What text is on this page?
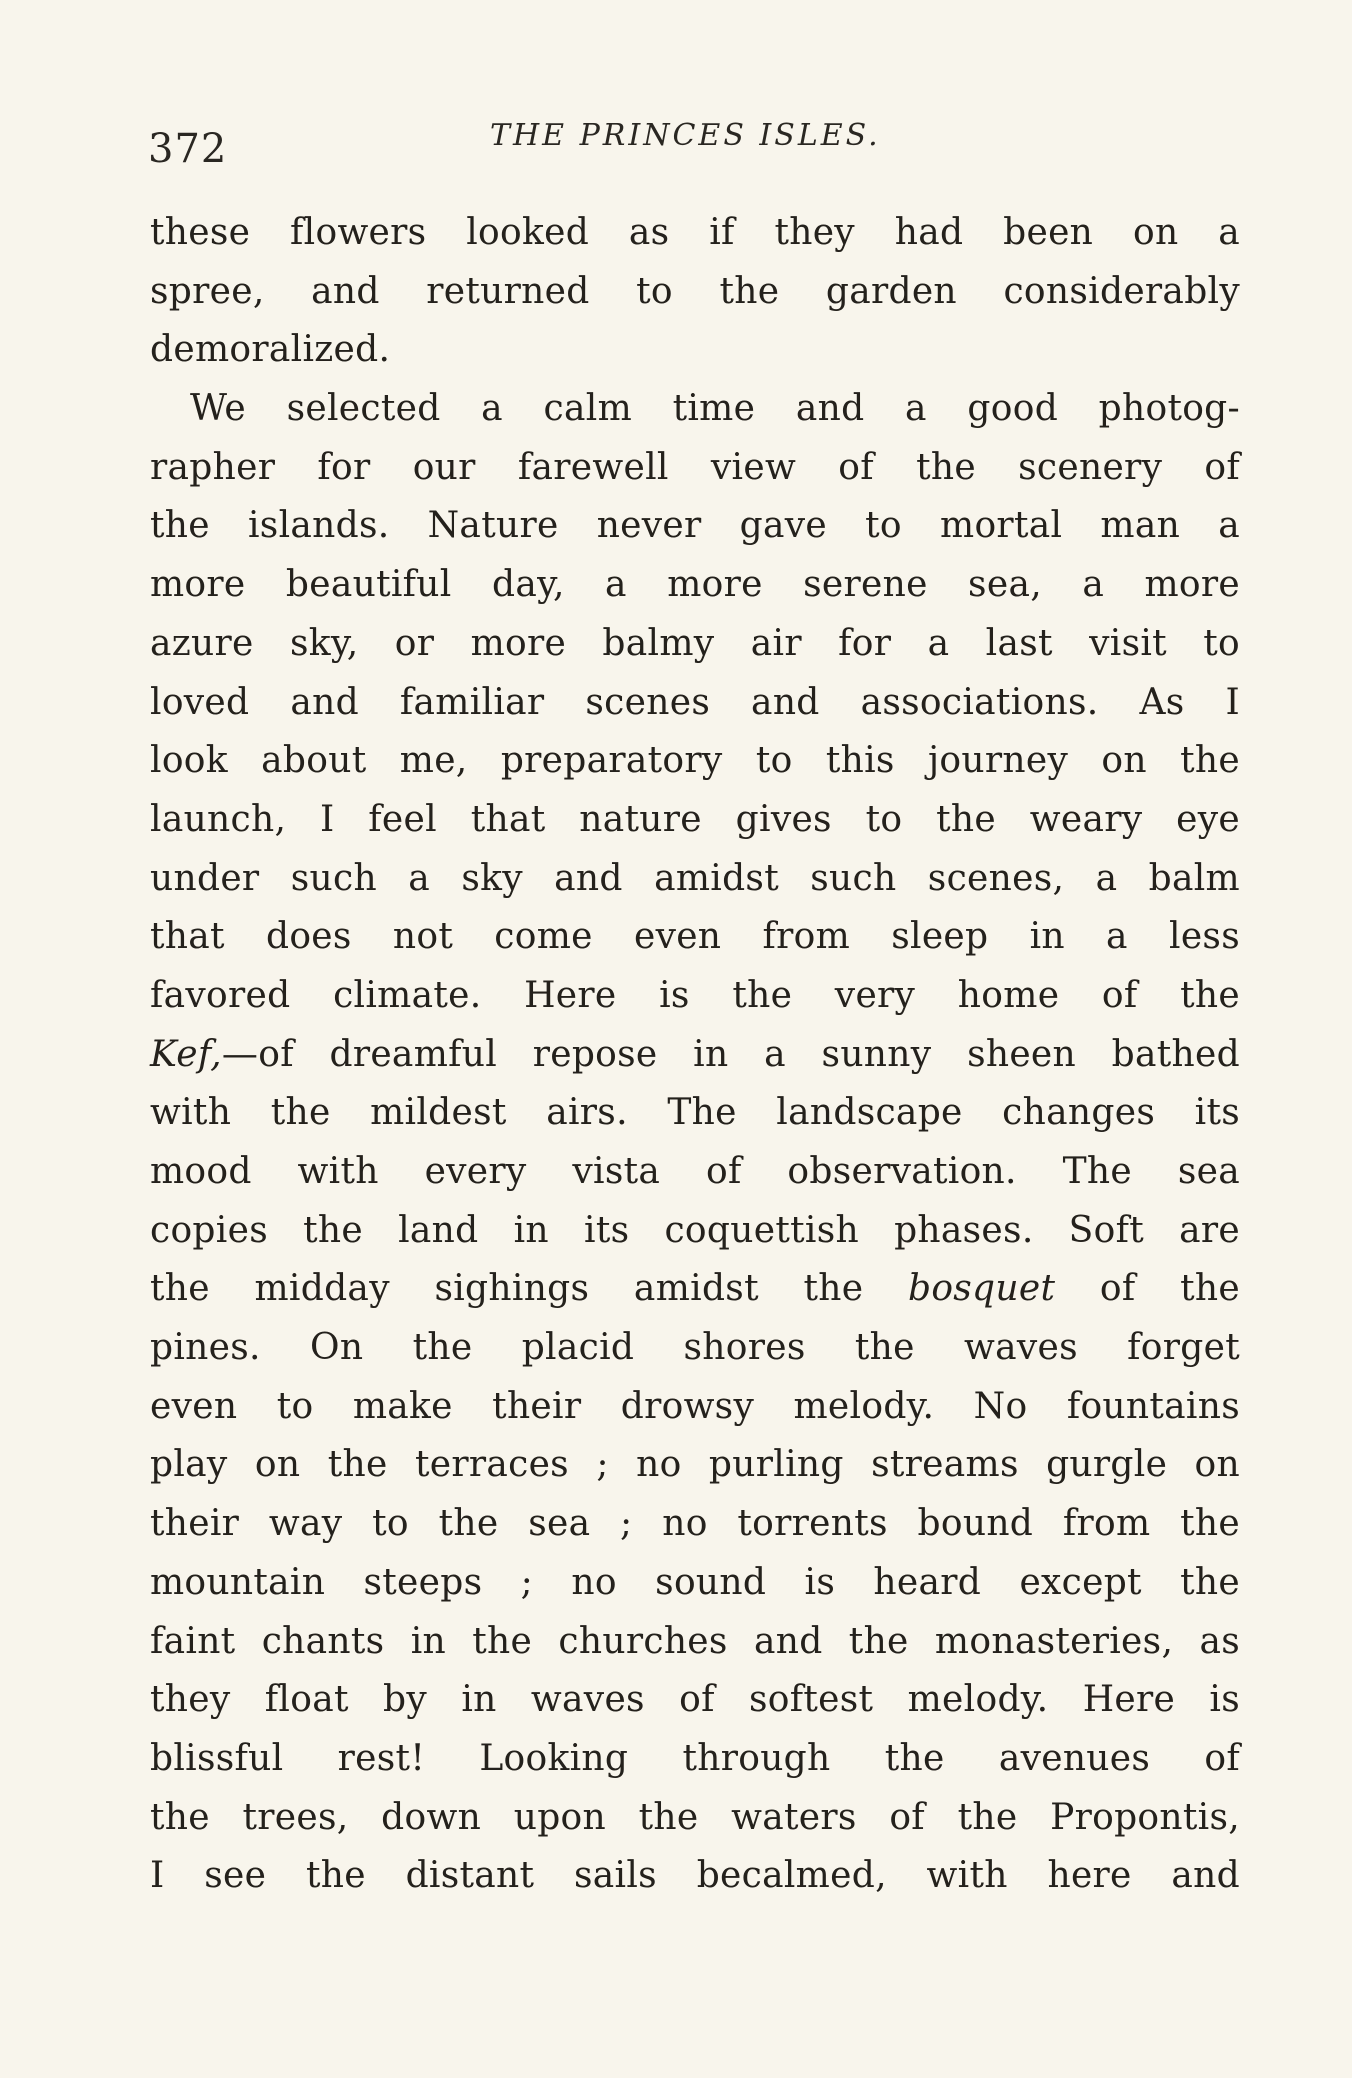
372	THE PRINCES ISLES.
these flowers looked as if they had been on a
spree, and returned to the garden considerably
demoralized.
We selected a calm time and a good photog-
rapher for our farewell view of the scenery of
the islands. Nature never gave to mortal man a
more beautiful day, a more serene sea, a more
azure sky, or more balmy air for a last visit to
loved and familiar scenes and associations. As I
look about me, preparatory to this journey on the
launch, I feel that nature gives to the weary eye
under such a sky and amidst such scenes, a balm
that does not come even from sleep in a less
favored climate. Here is the very home of the
Kef,—of dreamful repose in a sunny sheen bathed
with the mildest airs. The landscape changes its
mood with every vista of observation. The sea
copies the land in its coquettish phases. Soft are
the midday sighings amidst the bosquet of the
pines. On the placid shores the waves forget
even to make their drowsy melody. No fountains
play on the terraces ; no purling streams gurgle on
their way to the sea ; no torrents bound from the
mountain steeps ; no sound is heard except the
faint chants in the churches and the monasteries, as
they float by in waves of softest melody. Here is
blissful rest! Looking through the avenues of
the trees, down upon the waters of the Propontis,
I see the distant sails becalmed, with here and
